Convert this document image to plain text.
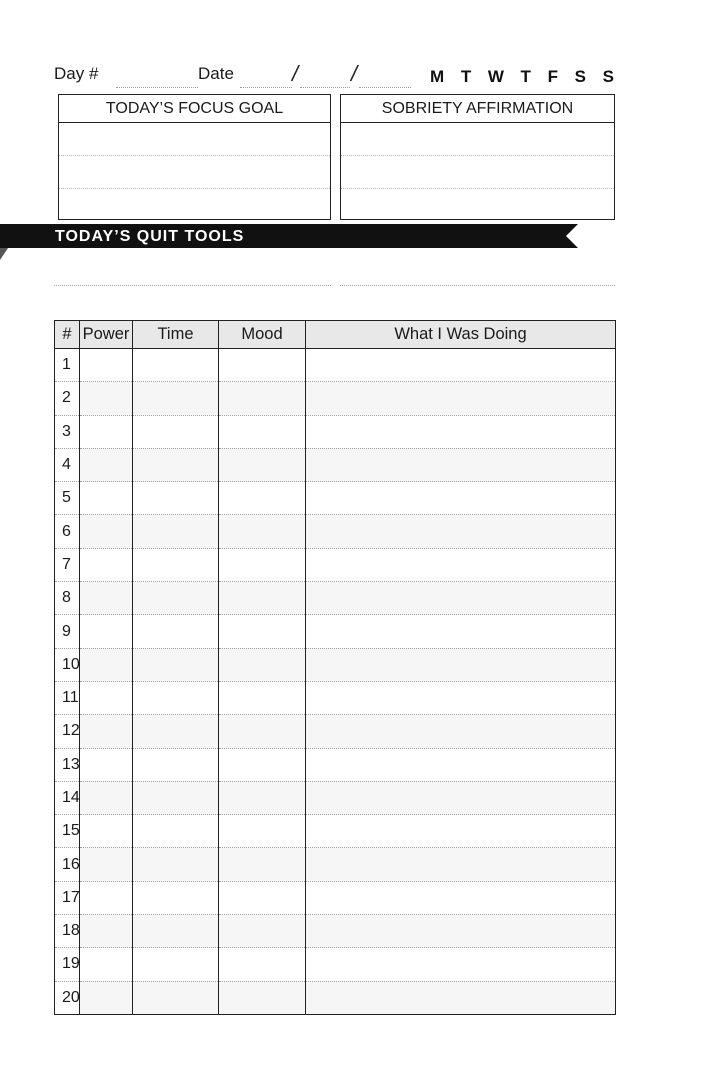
Day #	Date	/ /	M T W T F S S
TODAY’S FOCUS GOAL	SOBRIETY AFFIRMATION
TODAY’S QUIT TOOLS
#	Power	Time	Mood	What I Was Doing
1				
2				
3				
4				
5				
6				
7				
8				
9				
10				
11				
12				
13				
14				
15				
16				
17				
18				
19				
20				
